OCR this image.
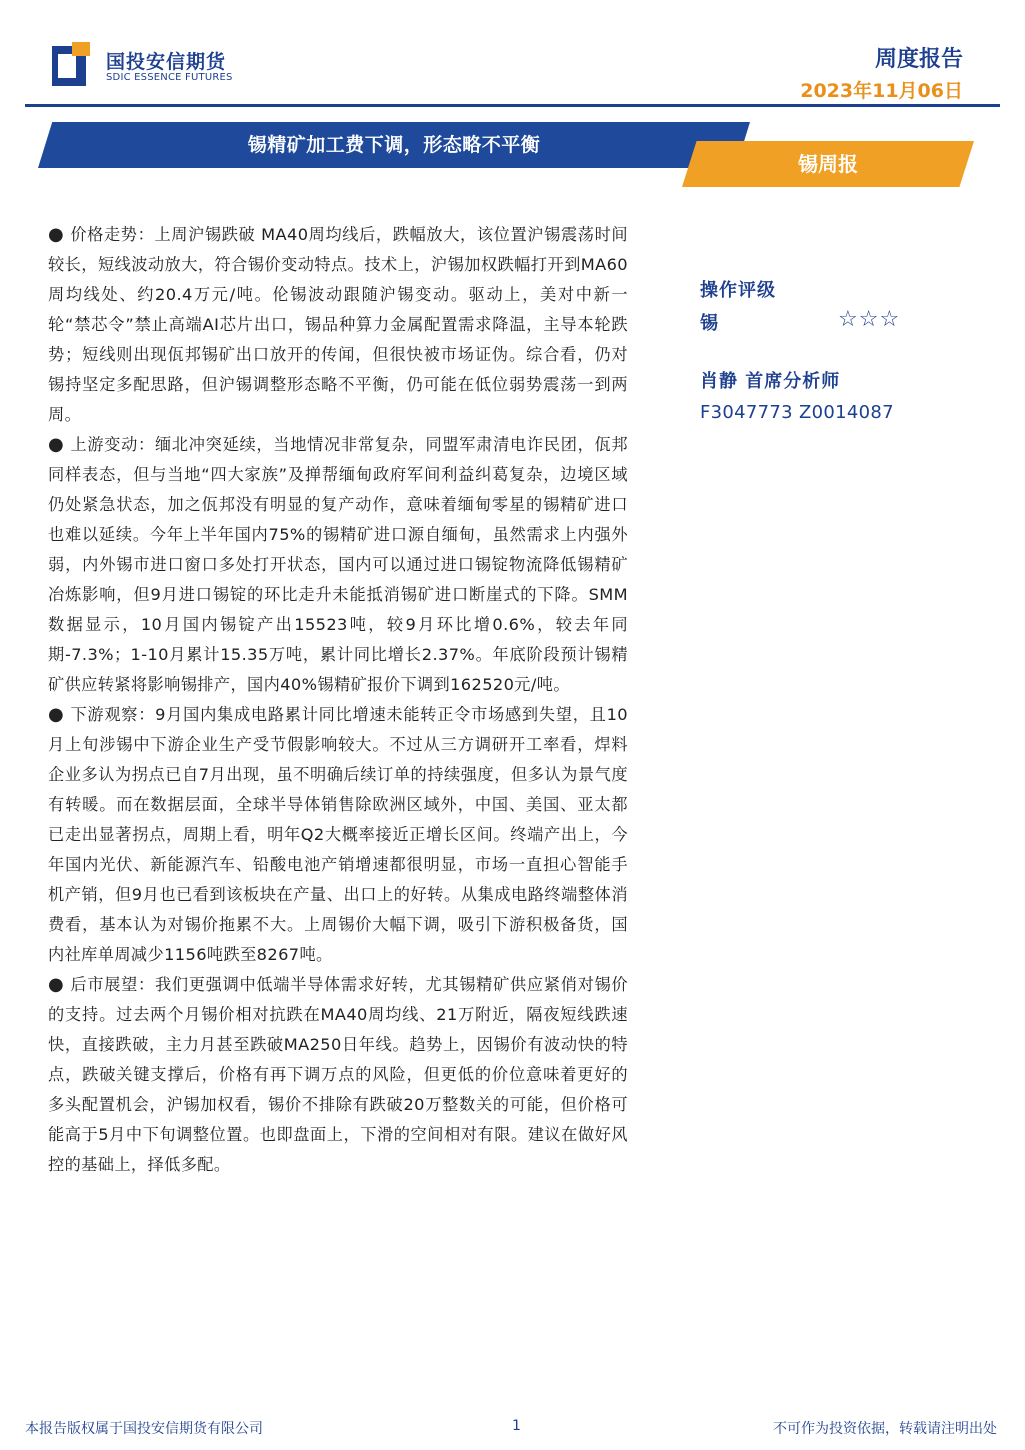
国投安信期货
SDIC ESSENCE FUTURES
周度报告
2023年11月06日
锡精矿加工费下调，形态略不平衡
锡周报

● 价格走势：上周沪锡跌破 MA40周均线后，跌幅放大，该位置沪锡震荡时间较长，短线波动放大，符合锡价变动特点。技术上，沪锡加权跌幅打开到MA60周均线处、约20.4万元/吨。伦锡波动跟随沪锡变动。驱动上，美对中新一轮“禁芯令”禁止高端AI芯片出口，锡品种算力金属配置需求降温，主导本轮跌势；短线则出现佤邦锡矿出口放开的传闻，但很快被市场证伪。综合看，仍对锡持坚定多配思路，但沪锡调整形态略不平衡，仍可能在低位弱势震荡一到两周。

● 上游变动：缅北冲突延续，当地情况非常复杂，同盟军肃清电诈民团，佤邦同样表态，但与当地“四大家族”及掸帮缅甸政府军间利益纠葛复杂，边境区域仍处紧急状态，加之佤邦没有明显的复产动作，意味着缅甸零星的锡精矿进口也难以延续。今年上半年国内75%的锡精矿进口源自缅甸，虽然需求上内强外弱，内外锡市进口窗口多处打开状态，国内可以通过进口锡锭物流降低锡精矿冶炼影响，但9月进口锡锭的环比走升未能抵消锡矿进口断崖式的下降。SMM数据显示，10月国内锡锭产出15523吨，较9月环比增0.6%，较去年同期-7.3%；1-10月累计15.35万吨，累计同比增长2.37%。年底阶段预计锡精矿供应转紧将影响锡排产，国内40%锡精矿报价下调到162520元/吨。

● 下游观察：9月国内集成电路累计同比增速未能转正令市场感到失望，且10月上旬涉锡中下游企业生产受节假影响较大。不过从三方调研开工率看，焊料企业多认为拐点已自7月出现，虽不明确后续订单的持续强度，但多认为景气度有转暖。而在数据层面，全球半导体销售除欧洲区域外，中国、美国、亚太都已走出显著拐点，周期上看，明年Q2大概率接近正增长区间。终端产出上，今年国内光伏、新能源汽车、铅酸电池产销增速都很明显，市场一直担心智能手机产销，但9月也已看到该板块在产量、出口上的好转。从集成电路终端整体消费看，基本认为对锡价拖累不大。上周锡价大幅下调，吸引下游积极备货，国内社库单周减少1156吨跌至8267吨。

● 后市展望：我们更强调中低端半导体需求好转，尤其锡精矿供应紧俏对锡价的支持。过去两个月锡价相对抗跌在MA40周均线、21万附近，隔夜短线跌速快，直接跌破，主力月甚至跌破MA250日年线。趋势上，因锡价有波动快的特点，跌破关键支撑后，价格有再下调万点的风险，但更低的价位意味着更好的多头配置机会，沪锡加权看，锡价不排除有跌破20万整数关的可能，但价格可能高于5月中下旬调整位置。也即盘面上，下滑的空间相对有限。建议在做好风控的基础上，择低多配。

操作评级
锡	☆☆☆
肖静 首席分析师
F3047773 Z0014087
本报告版权属于国投安信期货有限公司	1	不可作为投资依据，转载请注明出处
